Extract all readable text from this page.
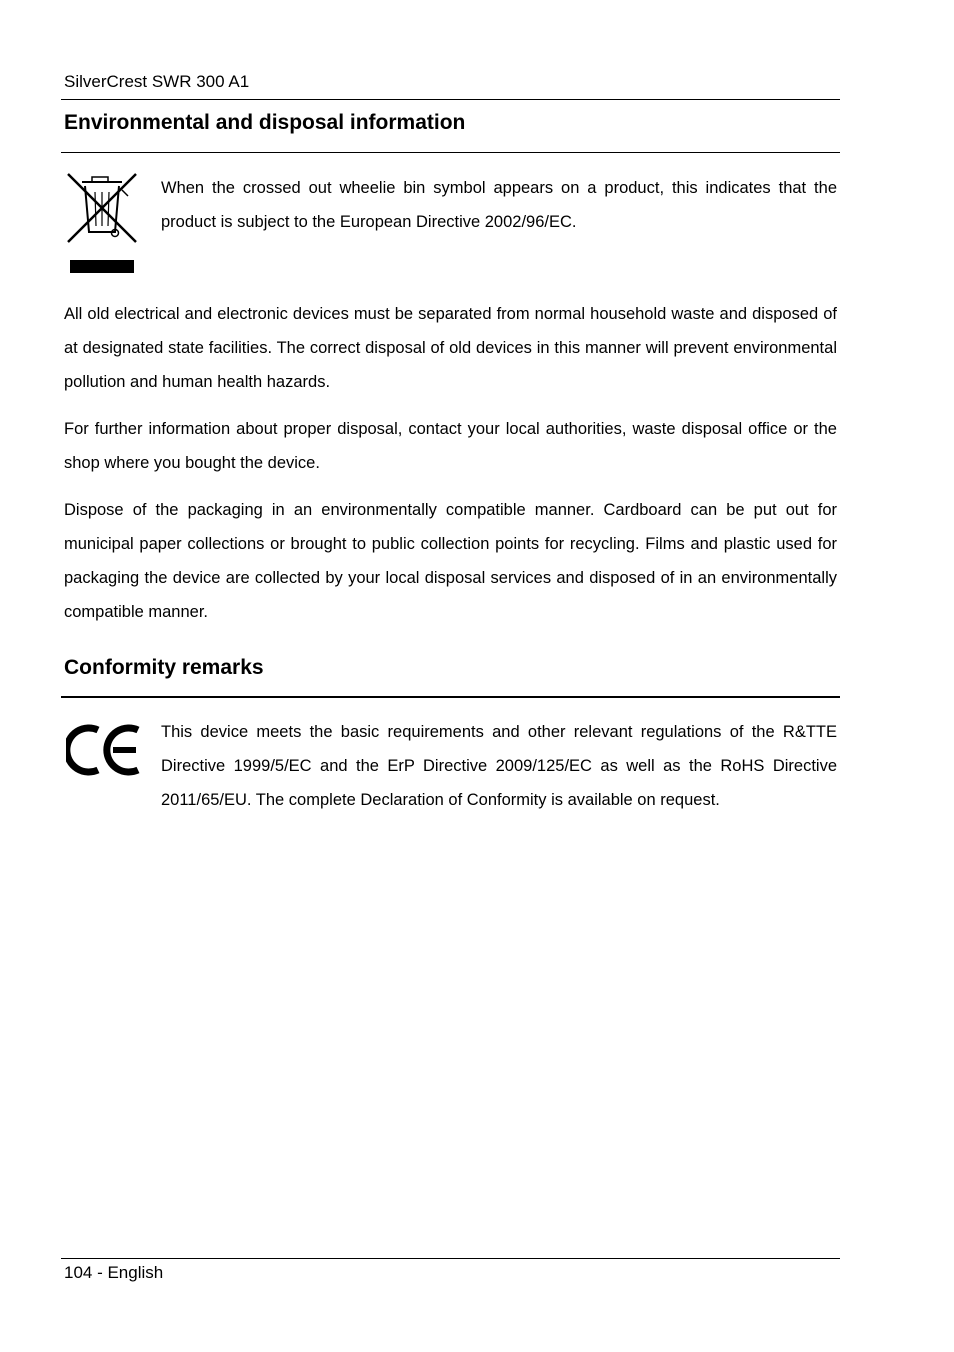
SilverCrest SWR 300 A1
Environmental and disposal information

When the crossed out wheelie bin symbol appears on a product, this indicates that the product is subject to the European Directive 2002/96/EC.

All old electrical and electronic devices must be separated from normal household waste and disposed of at designated state facilities. The correct disposal of old devices in this manner will prevent environmental pollution and human health hazards.

For further information about proper disposal, contact your local authorities, waste disposal office or the shop where you bought the device.

Dispose of the packaging in an environmentally compatible manner. Cardboard can be put out for municipal paper collections or brought to public collection points for recycling. Films and plastic used for packaging the device are collected by your local disposal services and disposed of in an environmentally compatible manner.

Conformity remarks

This device meets the basic requirements and other relevant regulations of the R&TTE Directive 1999/5/EC and the ErP Directive 2009/125/EC as well as the RoHS Directive 2011/65/EU. The complete Declaration of Conformity is available on request.

104 - English
